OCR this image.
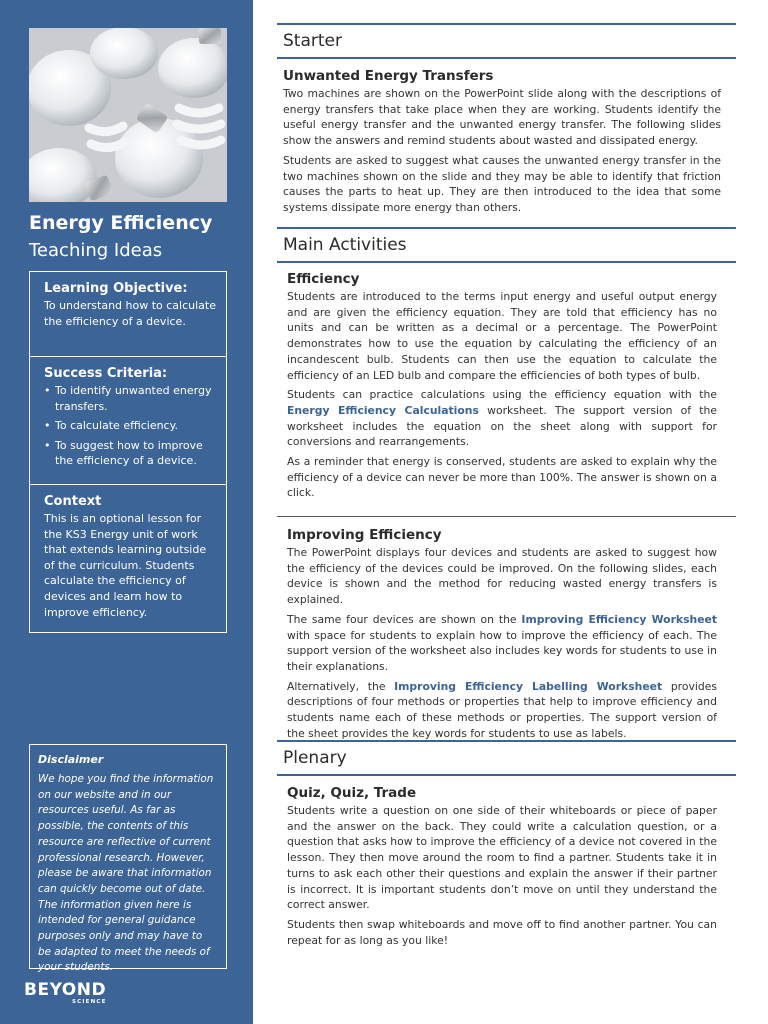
Energy Efficiency
Teaching Ideas
Learning Objective:
To understand how to calculate the efficiency of a device.
Success Criteria:
• To identify unwanted energy transfers.
• To calculate efficiency.
• To suggest how to improve the efficiency of a device.
Context
This is an optional lesson for the KS3 Energy unit of work that extends learning outside of the curriculum. Students calculate the efficiency of devices and learn how to improve efficiency.
Disclaimer
We hope you find the information on our website and in our resources useful. As far as possible, the contents of this resource are reflective of current professional research. However, please be aware that information can quickly become out of date. The information given here is intended for general guidance purposes only and may have to be adapted to meet the needs of your students.
BEYOND
SCIENCE
Starter
Unwanted Energy Transfers

Two machines are shown on the PowerPoint slide along with the descriptions of energy transfers that take place when they are working. Students identify the useful energy transfer and the unwanted energy transfer. The following slides show the answers and remind students about wasted and dissipated energy.

Students are asked to suggest what causes the unwanted energy transfer in the two machines shown on the slide and they may be able to identify that friction causes the parts to heat up. They are then introduced to the idea that some systems dissipate more energy than others.

Main Activities
Efficiency

Students are introduced to the terms input energy and useful output energy and are given the efficiency equation. They are told that efficiency has no units and can be written as a decimal or a percentage. The PowerPoint demonstrates how to use the equation by calculating the efficiency of an incandescent bulb. Students can then use the equation to calculate the efficiency of an LED bulb and compare the efficiencies of both types of bulb.

Students can practice calculations using the efficiency equation with the Energy Efficiency Calculations worksheet. The support version of the worksheet includes the equation on the sheet along with support for conversions and rearrangements.

As a reminder that energy is conserved, students are asked to explain why the efficiency of a device can never be more than 100%. The answer is shown on a click.

Improving Efficiency

The PowerPoint displays four devices and students are asked to suggest how the efficiency of the devices could be improved. On the following slides, each device is shown and the method for reducing wasted energy transfers is explained.

The same four devices are shown on the Improving Efficiency Worksheet with space for students to explain how to improve the efficiency of each. The support version of the worksheet also includes key words for students to use in their explanations.

Alternatively, the Improving Efficiency Labelling Worksheet provides descriptions of four methods or properties that help to improve efficiency and students name each of these methods or properties. The support version of the sheet provides the key words for students to use as labels.

Plenary
Quiz, Quiz, Trade

Students write a question on one side of their whiteboards or piece of paper and the answer on the back. They could write a calculation question, or a question that asks how to improve the efficiency of a device not covered in the lesson. They then move around the room to find a partner. Students take it in turns to ask each other their questions and explain the answer if their partner is incorrect. It is important students don’t move on until they understand the correct answer.

Students then swap whiteboards and move off to find another partner. You can repeat for as long as you like!
